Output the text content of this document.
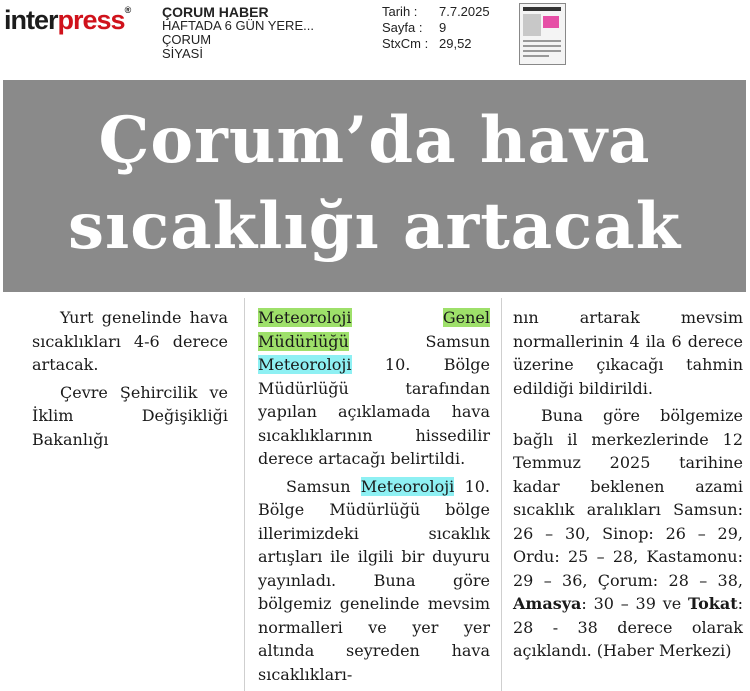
interpress® ÇORUM HABER
HAFTADA 6 GÜN YERE...
ÇORUM
SİYASİ
Tarih : 7.7.2025
Sayfa : 9
StxCm : 29,52
Çorum’da hava
sıcaklığı artacak

Yurt genelinde hava sıcaklıkları 4-6 derece artacak.

Çevre Şehircilik ve İklim Değişikliği Bakanlığı

Meteoroloji	Genel Müdürlüğü Samsun Meteoroloji 10. Bölge Müdürlüğü tarafından yapılan açıklamada hava sıcaklıklarının hissedilir derece artacağı belirtildi.

Samsun Meteoroloji 10. Bölge Müdürlüğü bölge illerimizdeki sıcaklık artışları ile ilgili bir duyuru yayınladı. Buna göre bölgemiz genelinde mevsim normalleri ve yer yer altında seyreden hava sıcaklıkları-

nın artarak mevsim normallerinin 4 ila 6 derece üzerine çıkacağı tahmin edildiği bildirildi.

Buna göre bölgemize bağlı il merkezlerinde 12 Temmuz 2025 tarihine kadar beklenen azami sıcaklık aralıkları Samsun: 26 – 30, Sinop: 26 – 29, Ordu: 25 – 28, Kastamonu: 29 – 36, Çorum: 28 – 38, Amasya: 30 – 39 ve Tokat: 28 - 38 derece olarak açıklandı. (Haber Merkezi)
